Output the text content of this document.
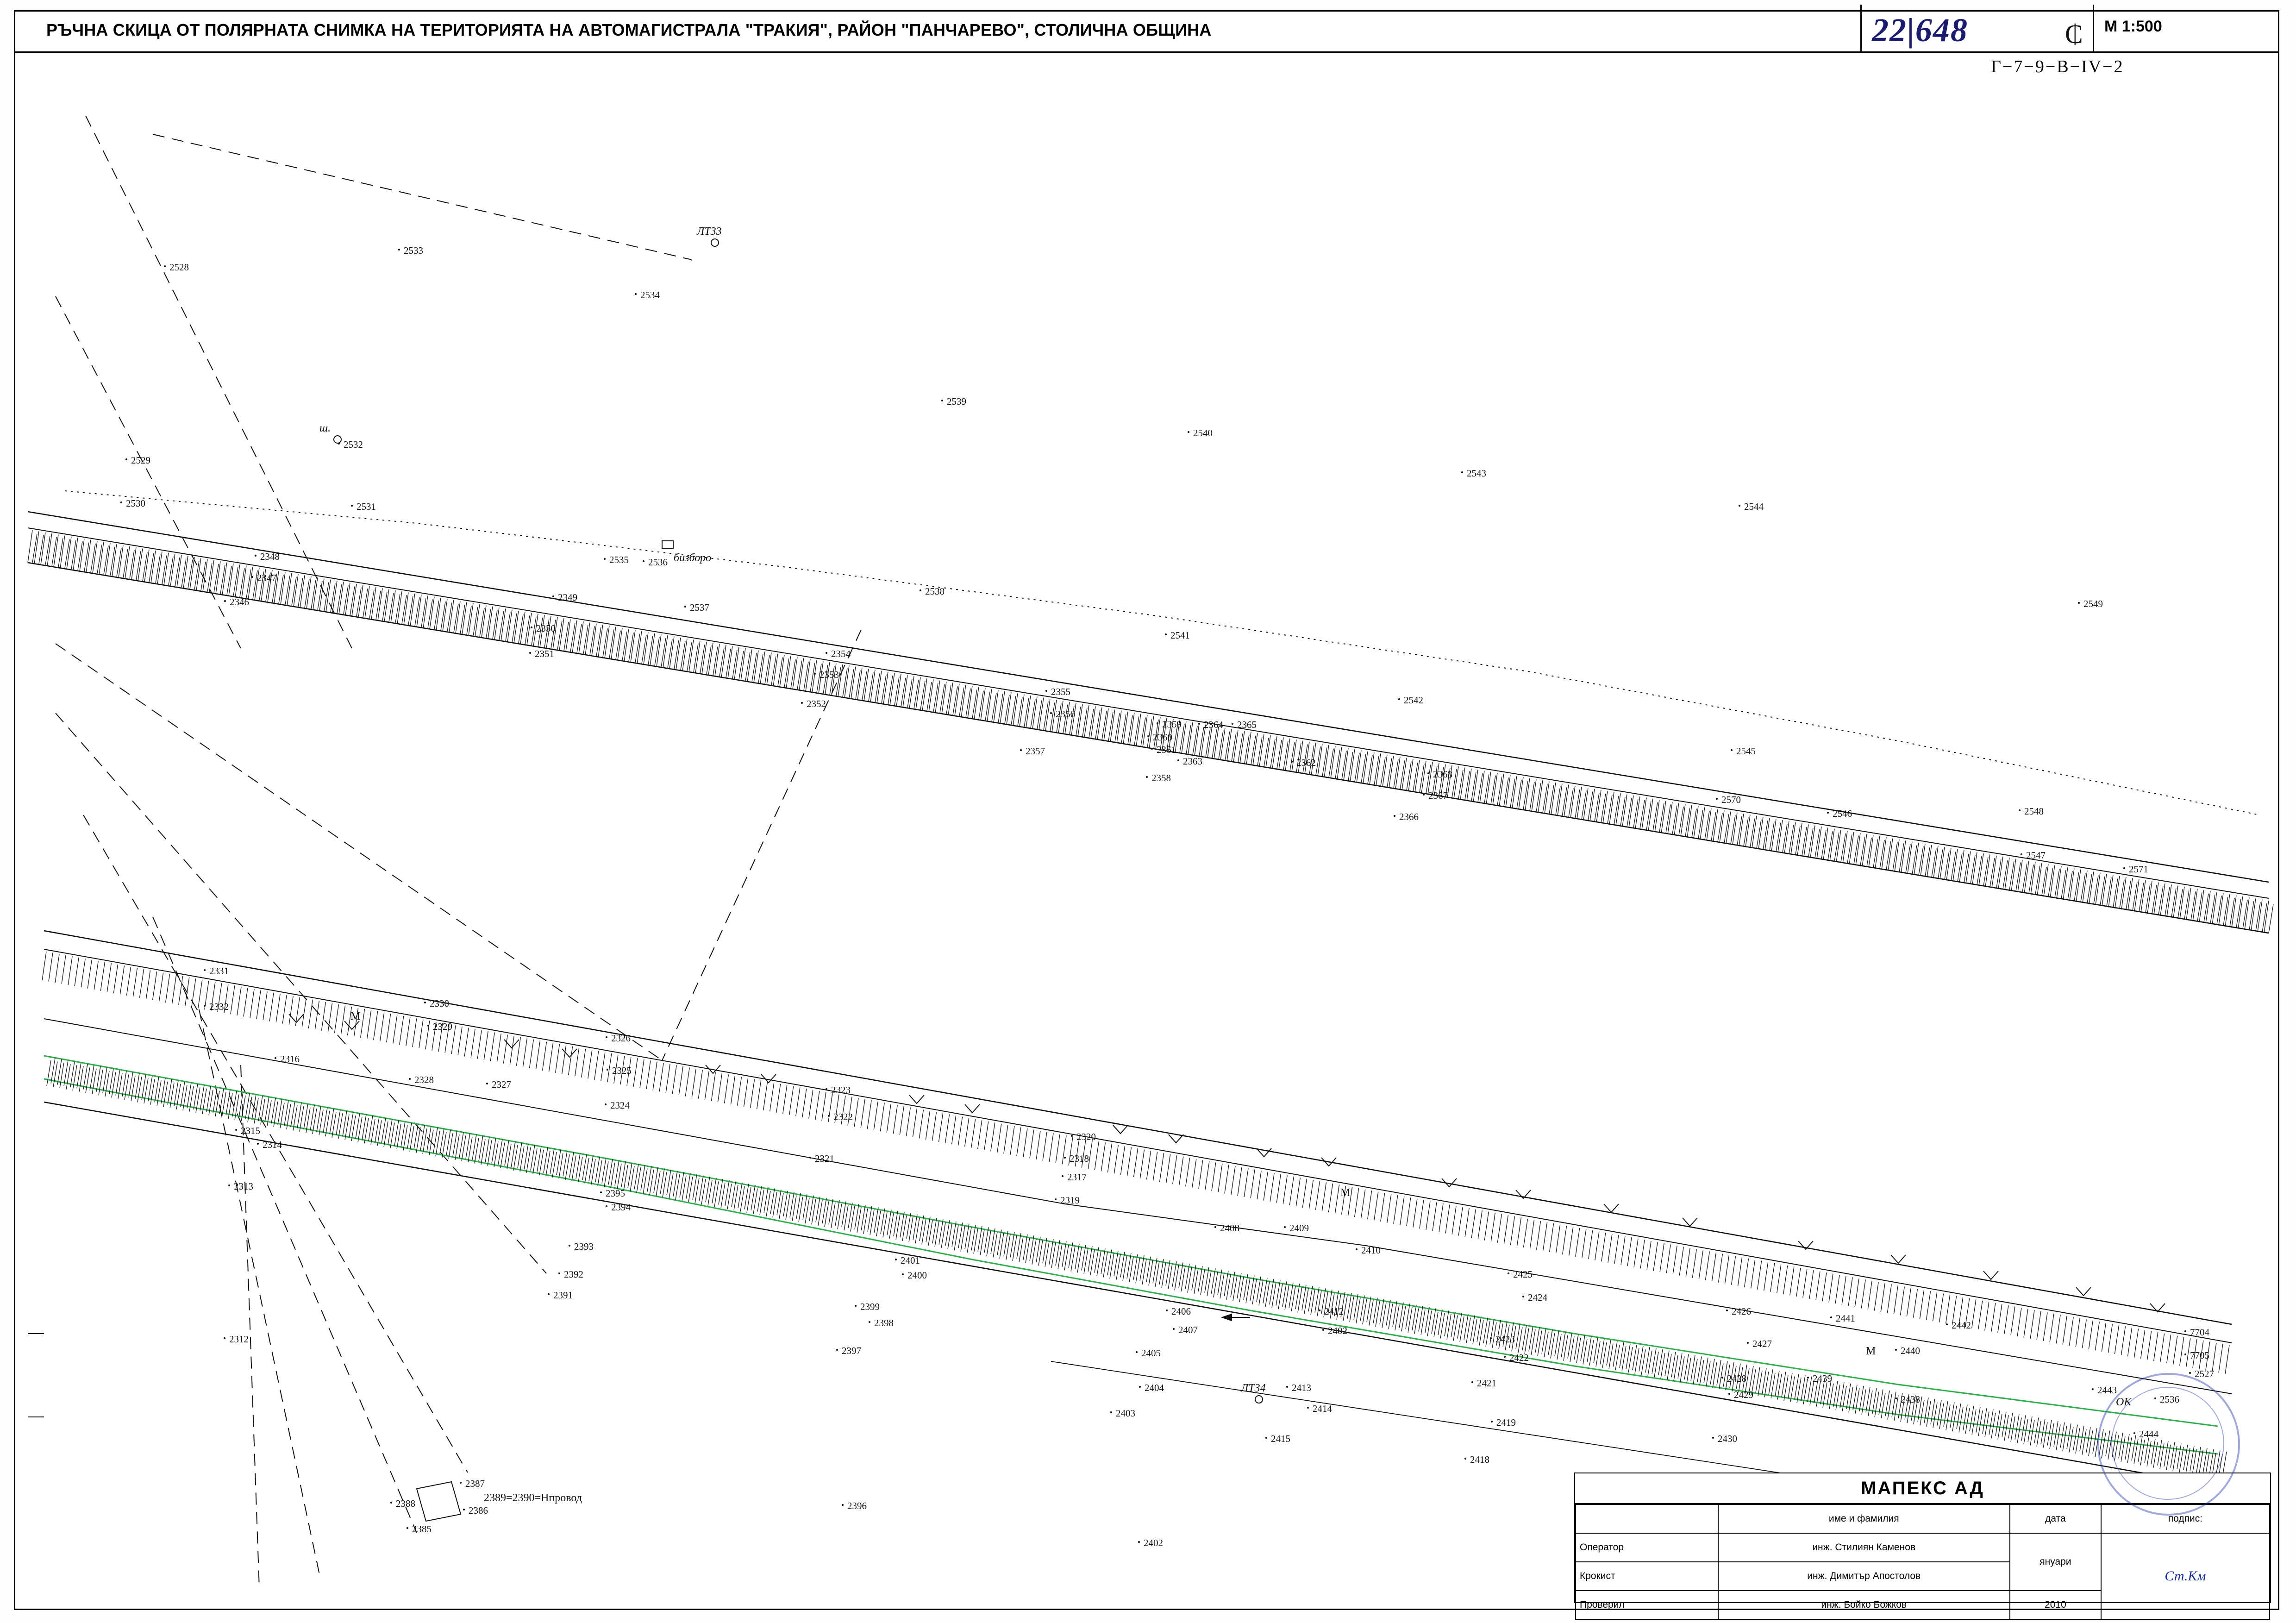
РЪЧНА СКИЦА ОТ ПОЛЯРНАТА СНИМКА НА ТЕРИТОРИЯТА НА АВТОМАГИСТРАЛА "ТРАКИЯ", РАЙОН "ПАНЧАРЕВО", СТОЛИЧНА ОБЩИНА	22|648	₵ М 1:500
Г−7−9−В−IV−2
2528
2533
2534
2539
2540
2543
2544
2529
2532
2530	2531
2348
2347
2346
2535 2536
2538
2549
2349
2537
2541
2350
2351	2354
2353
2542
2352
2355
2356
2359 2364 2365
2360
2361
2357
2363
2545
2358	2368
2362
2367	2570
2546	2548
2366
2547
2571
2331
2332	2330
2329
2326
2316
2328	2327
2325
2323
2324
2322
2315
2314
2320
2321	2318
2313
2317
2319
2395
2394
2408	2409
2410
2393
2425
2401
2400
2392
2424
2391
2406	2426
2441
2412
2399
2398
2407	2402	2442
2427
2312	2423
2440
2397	2405	2422
7704
7705
2527
2404	2413	2421	2428	2439
2443
2536
2429	2438
2403	2414
2419
2430	2444
2415
2418
2387
2388
2386	2396
2385
2402
ЛТ33
ЛТ34
ш.
бизборо
2389=2390=Нпровод
ОК
М
М
М
МАПЕКС АД
	име и фамилия	дата	подпис:
Оператор	инж. Стилиян Каменов	януари	Ст.Км
Крокист	инж. Димитър Апостолов		
Проверил	инж. Бойко Божков	2010	
